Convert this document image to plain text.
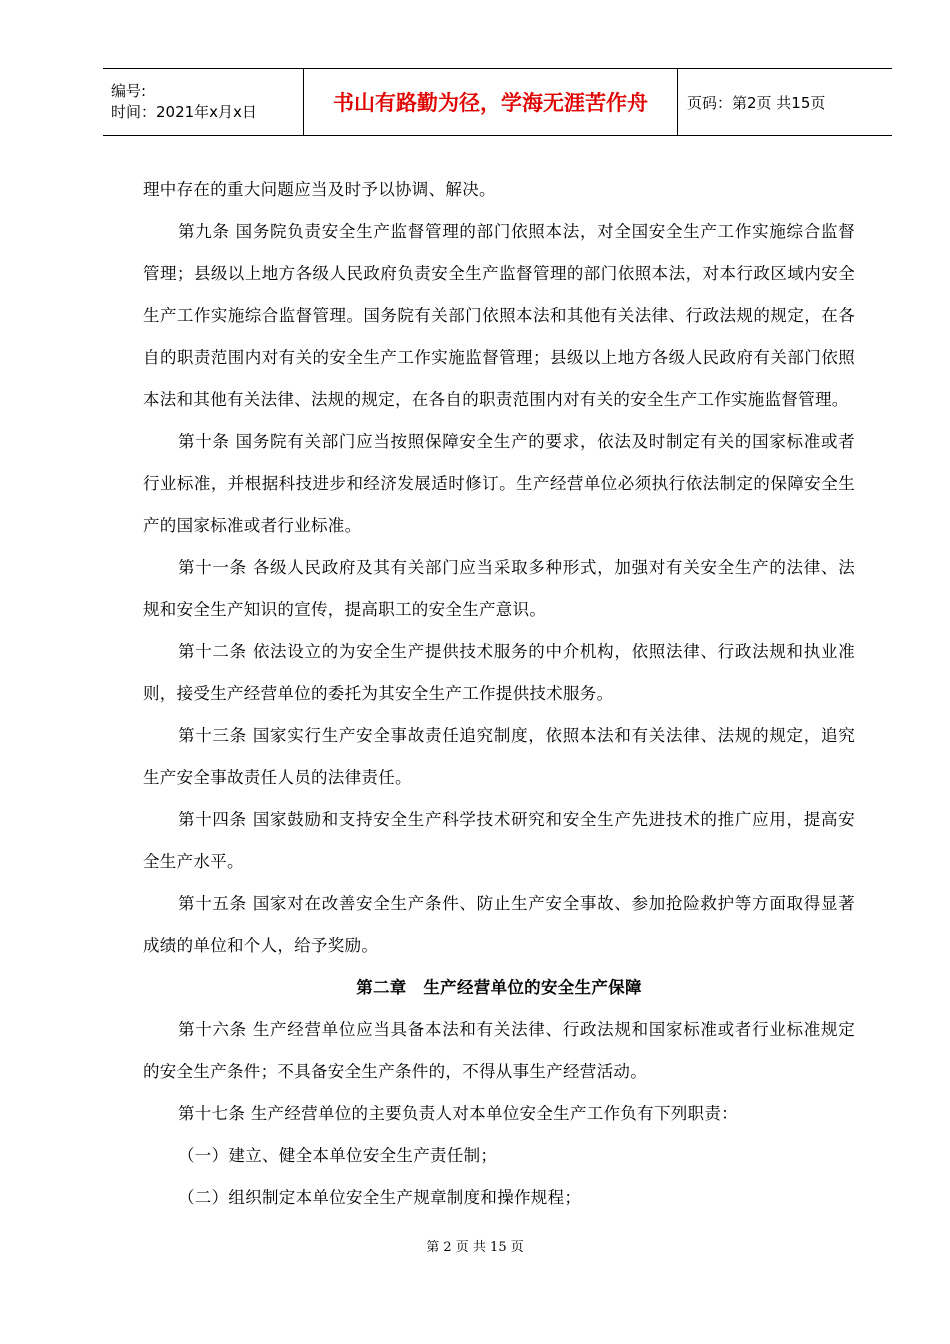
编号:
时间：2021年x月x日	书山有路勤为径，学海无涯苦作舟	页码：第2页 共15页

理中存在的重大问题应当及时予以协调、解决。

第九条 国务院负责安全生产监督管理的部门依照本法，对全国安全生产工作实施综合监督管理；县级以上地方各级人民政府负责安全生产监督管理的部门依照本法，对本行政区域内安全生产工作实施综合监督管理。国务院有关部门依照本法和其他有关法律、行政法规的规定，在各自的职责范围内对有关的安全生产工作实施监督管理；县级以上地方各级人民政府有关部门依照本法和其他有关法律、法规的规定，在各自的职责范围内对有关的安全生产工作实施监督管理。

第十条 国务院有关部门应当按照保障安全生产的要求，依法及时制定有关的国家标准或者行业标准，并根据科技进步和经济发展适时修订。生产经营单位必须执行依法制定的保障安全生产的国家标准或者行业标准。

第十一条 各级人民政府及其有关部门应当采取多种形式，加强对有关安全生产的法律、法规和安全生产知识的宣传，提高职工的安全生产意识。

第十二条 依法设立的为安全生产提供技术服务的中介机构，依照法律、行政法规和执业准则，接受生产经营单位的委托为其安全生产工作提供技术服务。

第十三条 国家实行生产安全事故责任追究制度，依照本法和有关法律、法规的规定，追究生产安全事故责任人员的法律责任。

第十四条 国家鼓励和支持安全生产科学技术研究和安全生产先进技术的推广应用，提高安全生产水平。

第十五条 国家对在改善安全生产条件、防止生产安全事故、参加抢险救护等方面取得显著成绩的单位和个人，给予奖励。

第二章　生产经营单位的安全生产保障

第十六条 生产经营单位应当具备本法和有关法律、行政法规和国家标准或者行业标准规定的安全生产条件；不具备安全生产条件的，不得从事生产经营活动。

第十七条 生产经营单位的主要负责人对本单位安全生产工作负有下列职责：

（一）建立、健全本单位安全生产责任制；

（二）组织制定本单位安全生产规章制度和操作规程；

第 2 页 共 15 页
